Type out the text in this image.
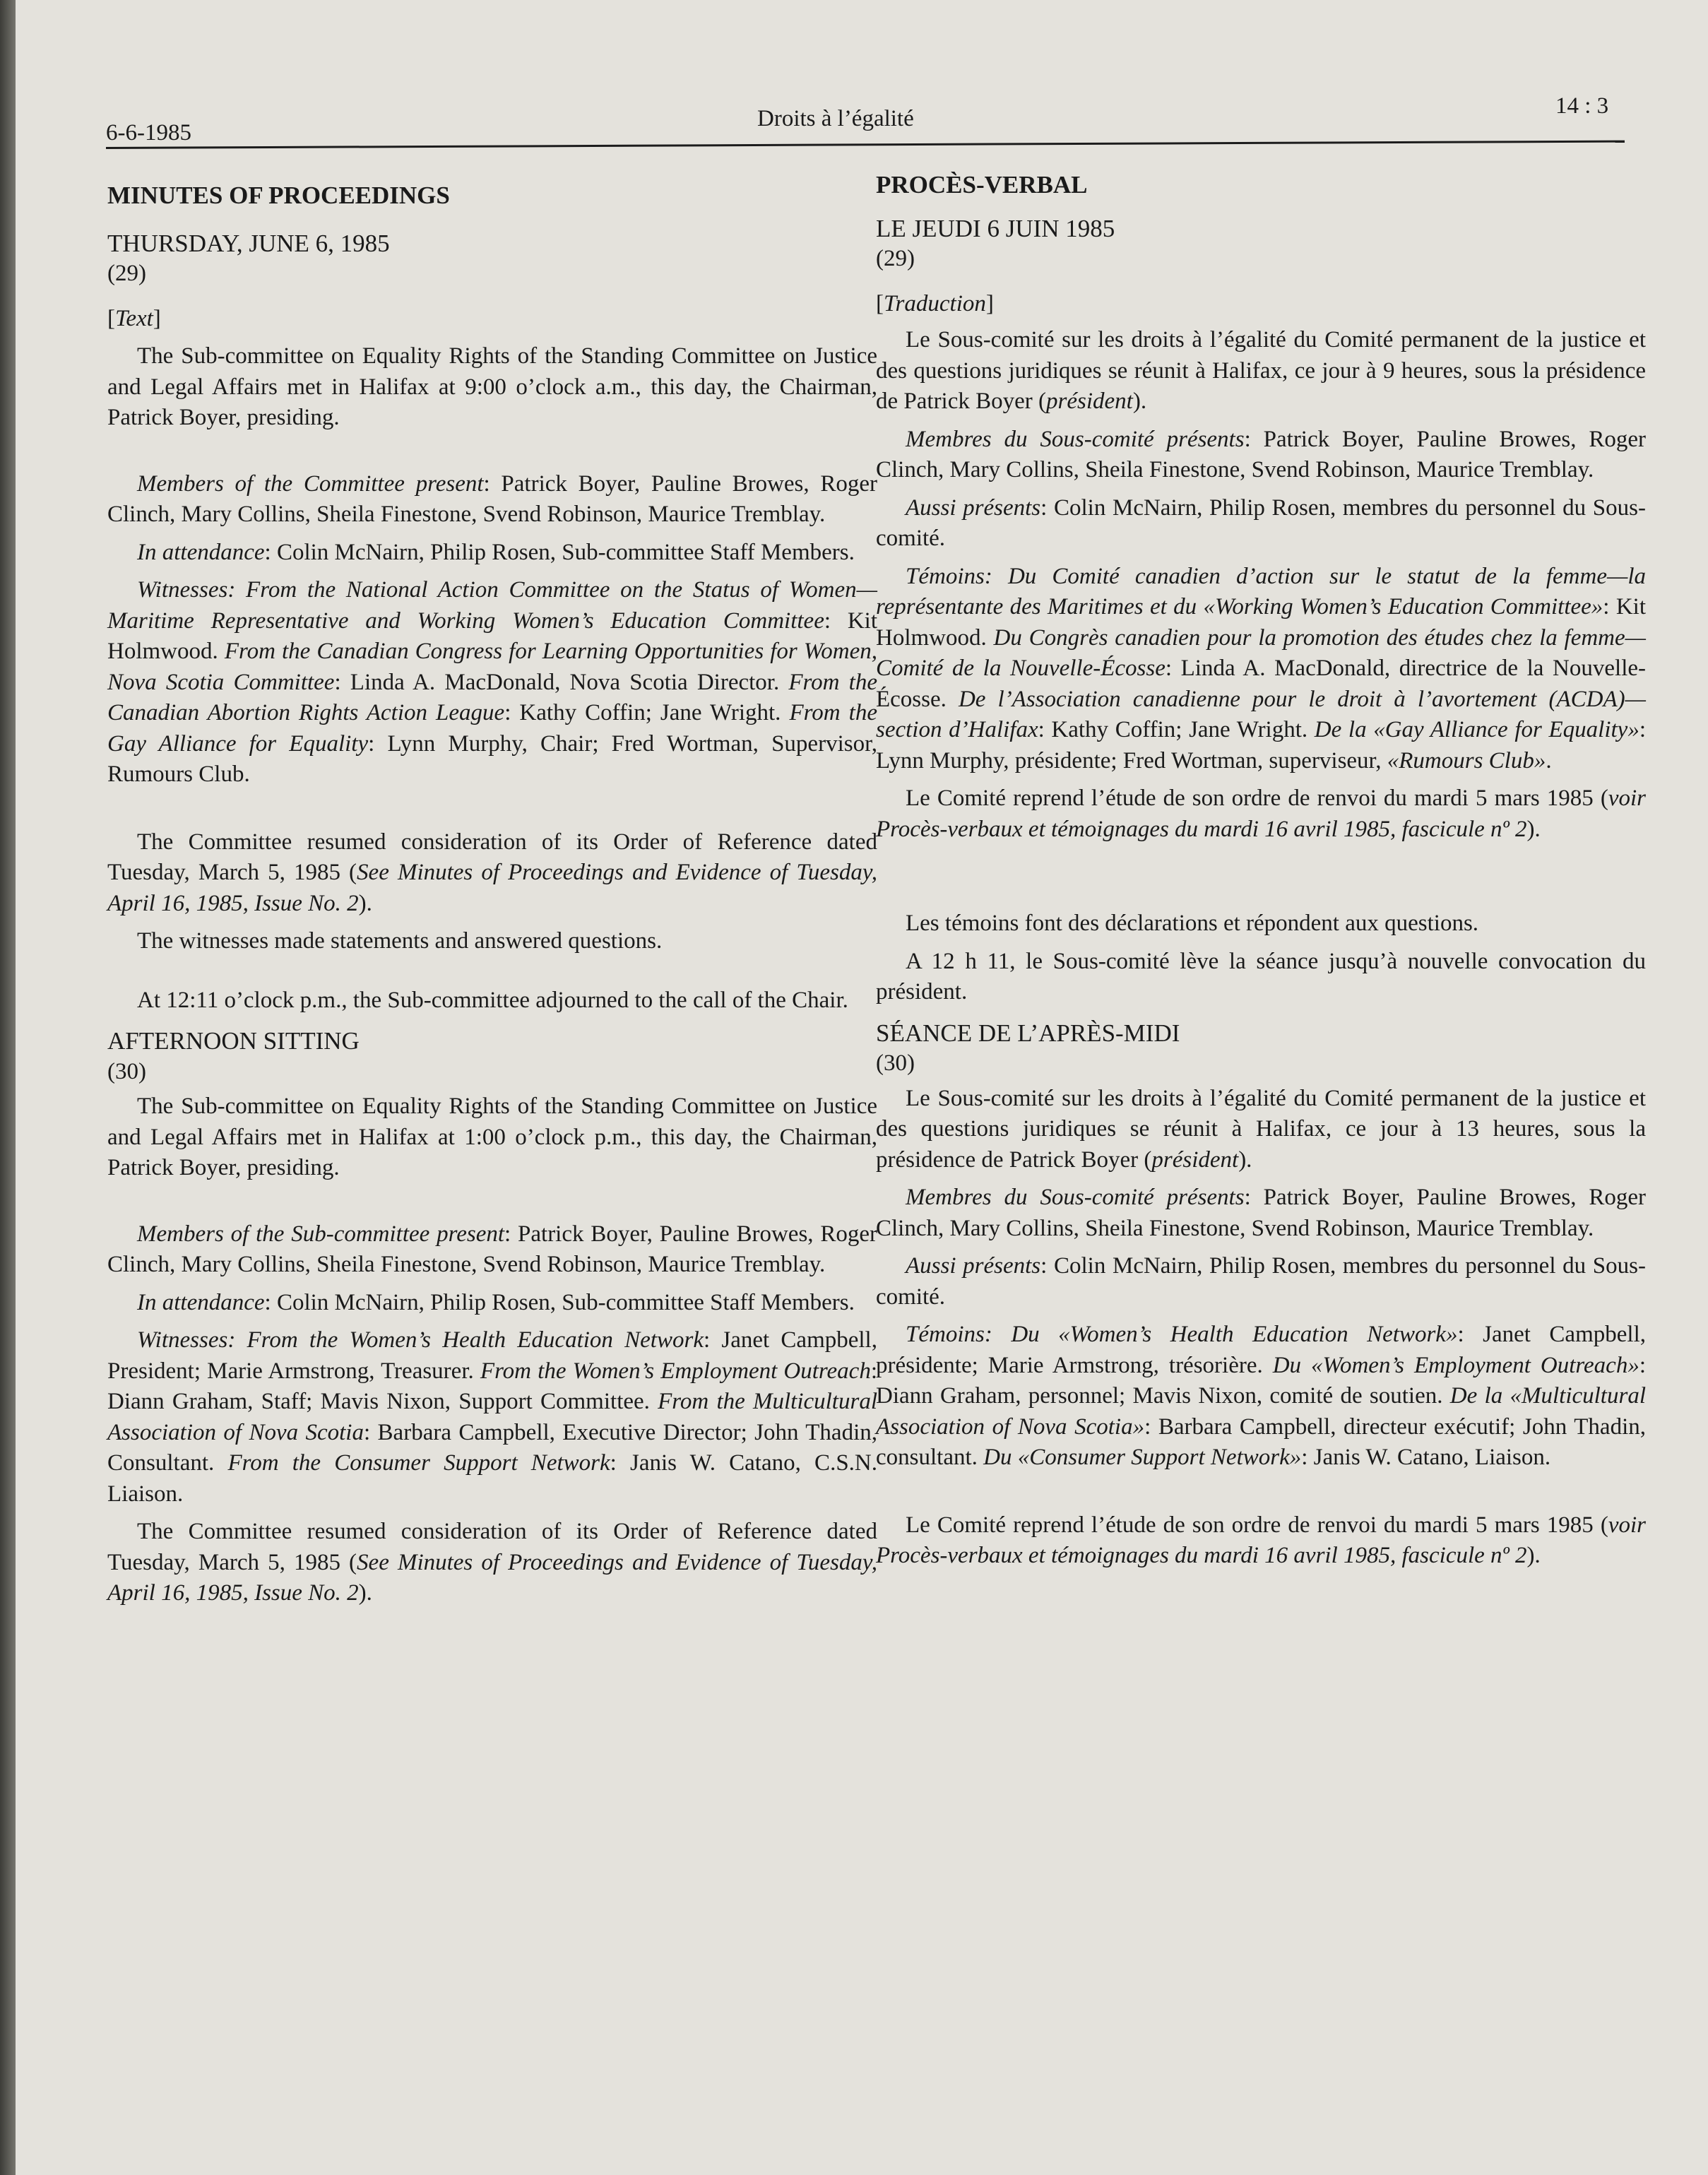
6-6-1985
Droits à l’égalité	14 : 3
MINUTES OF PROCEEDINGS
THURSDAY, JUNE 6, 1985
(29)
[Text]
The Sub-committee on Equality Rights of the Standing Committee on Justice and Legal Affairs met in Halifax at 9:00 o’clock a.m., this day, the Chairman, Patrick Boyer, presiding.
Members of the Committee present: Patrick Boyer, Pauline Browes, Roger Clinch, Mary Collins, Sheila Finestone, Svend Robinson, Maurice Tremblay.
In attendance: Colin McNairn, Philip Rosen, Sub-committee Staff Members.
Witnesses: From the National Action Committee on the Status of Women—Maritime Representative and Working Women’s Education Committee: Kit Holmwood. From the Canadian Congress for Learning Opportunities for Women, Nova Scotia Committee: Linda A. MacDonald, Nova Scotia Director. From the Canadian Abortion Rights Action League: Kathy Coffin; Jane Wright. From the Gay Alliance for Equality: Lynn Murphy, Chair; Fred Wortman, Supervisor, Rumours Club.
The Committee resumed consideration of its Order of Reference dated Tuesday, March 5, 1985 (See Minutes of Proceedings and Evidence of Tuesday, April 16, 1985, Issue No. 2).
The witnesses made statements and answered questions.
At 12:11 o’clock p.m., the Sub-committee adjourned to the call of the Chair.
AFTERNOON SITTING
(30)
The Sub-committee on Equality Rights of the Standing Committee on Justice and Legal Affairs met in Halifax at 1:00 o’clock p.m., this day, the Chairman, Patrick Boyer, presiding.
Members of the Sub-committee present: Patrick Boyer, Pauline Browes, Roger Clinch, Mary Collins, Sheila Finestone, Svend Robinson, Maurice Tremblay.
In attendance: Colin McNairn, Philip Rosen, Sub-committee Staff Members.
Witnesses: From the Women’s Health Education Network: Janet Campbell, President; Marie Armstrong, Treasurer. From the Women’s Employment Outreach: Diann Graham, Staff; Mavis Nixon, Support Committee. From the Multicultural Association of Nova Scotia: Barbara Campbell, Executive Director; John Thadin, Consultant. From the Consumer Support Network: Janis W. Catano, C.S.N. Liaison.
The Committee resumed consideration of its Order of Reference dated Tuesday, March 5, 1985 (See Minutes of Proceedings and Evidence of Tuesday, April 16, 1985, Issue No. 2).
PROCÈS-VERBAL
LE JEUDI 6 JUIN 1985
(29)
[Traduction]
Le Sous-comité sur les droits à l’égalité du Comité permanent de la justice et des questions juridiques se réunit à Halifax, ce jour à 9 heures, sous la présidence de Patrick Boyer (président).
Membres du Sous-comité présents: Patrick Boyer, Pauline Browes, Roger Clinch, Mary Collins, Sheila Finestone, Svend Robinson, Maurice Tremblay.
Aussi présents: Colin McNairn, Philip Rosen, membres du personnel du Sous-comité.
Témoins: Du Comité canadien d’action sur le statut de la femme—la représentante des Maritimes et du «Working Women’s Education Committee»: Kit Holmwood. Du Congrès canadien pour la promotion des études chez la femme—Comité de la Nouvelle-Écosse: Linda A. MacDonald, directrice de la Nouvelle-Écosse. De l’Association canadienne pour le droit à l’avortement (ACDA)—section d’Halifax: Kathy Coffin; Jane Wright. De la «Gay Alliance for Equality»: Lynn Murphy, présidente; Fred Wortman, superviseur, «Rumours Club».
Le Comité reprend l’étude de son ordre de renvoi du mardi 5 mars 1985 (voir Procès-verbaux et témoignages du mardi 16 avril 1985, fascicule nº 2).
Les témoins font des déclarations et répondent aux questions.
A 12 h 11, le Sous-comité lève la séance jusqu’à nouvelle convocation du président.
SÉANCE DE L’APRÈS-MIDI
(30)
Le Sous-comité sur les droits à l’égalité du Comité permanent de la justice et des questions juridiques se réunit à Halifax, ce jour à 13 heures, sous la présidence de Patrick Boyer (président).
Membres du Sous-comité présents: Patrick Boyer, Pauline Browes, Roger Clinch, Mary Collins, Sheila Finestone, Svend Robinson, Maurice Tremblay.
Aussi présents: Colin McNairn, Philip Rosen, membres du personnel du Sous-comité.
Témoins: Du «Women’s Health Education Network»: Janet Campbell, présidente; Marie Armstrong, trésorière. Du «Women’s Employment Outreach»: Diann Graham, personnel; Mavis Nixon, comité de soutien. De la «Multicultural Association of Nova Scotia»: Barbara Campbell, directeur exécutif; John Thadin, consultant. Du «Consumer Support Network»: Janis W. Catano, Liaison.
Le Comité reprend l’étude de son ordre de renvoi du mardi 5 mars 1985 (voir Procès-verbaux et témoignages du mardi 16 avril 1985, fascicule nº 2).
